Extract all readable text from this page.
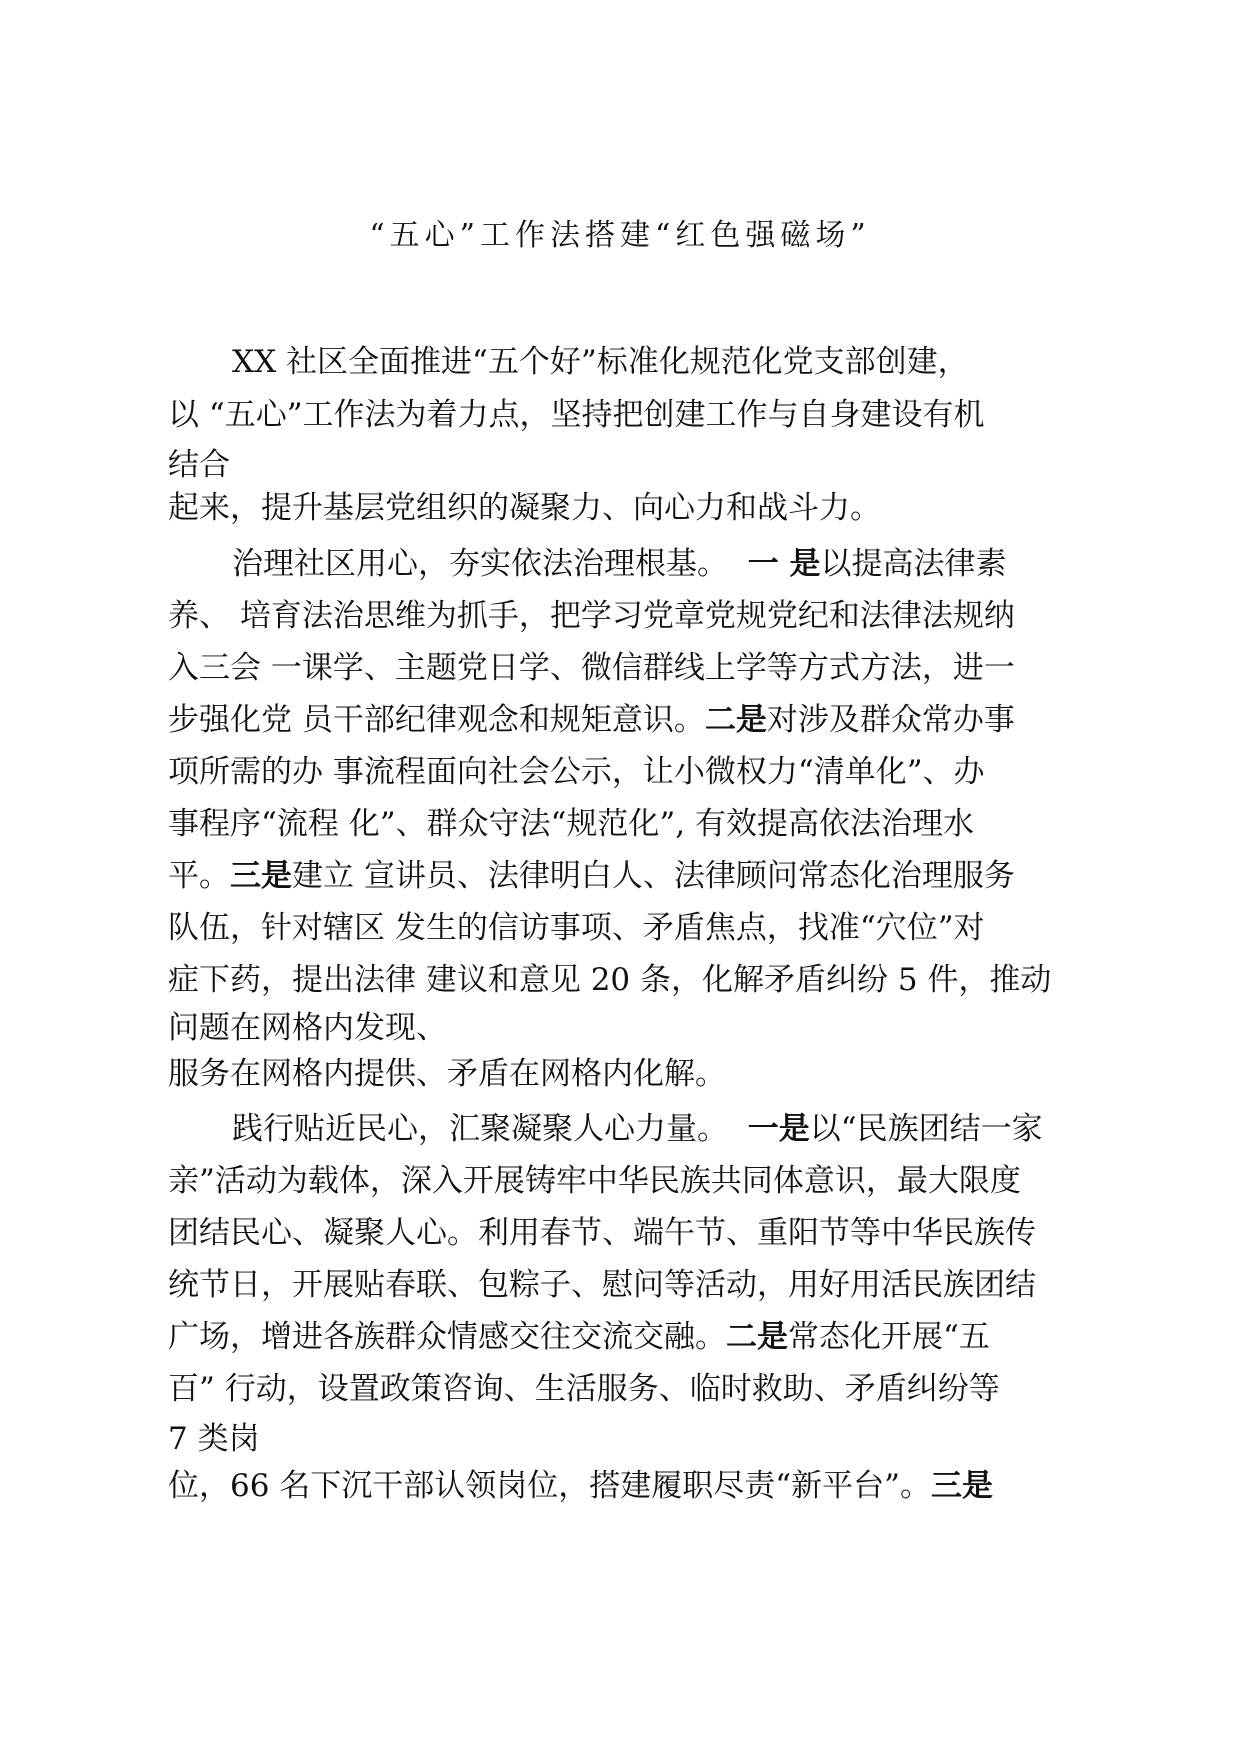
“五心”工作法搭建“红色强磁场”
XX 社区全面推进“五个好”标准化规范化党支部创建，
以 “五心”工作法为着力点，坚持把创建工作与自身建设有机
结合
起来，提升基层党组织的凝聚力、向心力和战斗力。
治理社区用心，夯实依法治理根基。 一 是以提高法律素
养、 培育法治思维为抓手，把学习党章党规党纪和法律法规纳
入三会 一课学、主题党日学、微信群线上学等方式方法，进一
步强化党 员干部纪律观念和规矩意识。二是对涉及群众常办事
项所需的办 事流程面向社会公示，让小微权力“清单化”、办
事程序“流程 化”、群众守法“规范化”, 有效提高依法治理水
平。三是建立 宣讲员、法律明白人、法律顾问常态化治理服务
队伍，针对辖区 发生的信访事项、矛盾焦点，找准“穴位”对
症下药，提出法律 建议和意见 20 条，化解矛盾纠纷 5 件，推动
问题在网格内发现、
服务在网格内提供、矛盾在网格内化解。
践行贴近民心，汇聚凝聚人心力量。 一是以“民族团结一家
亲”活动为载体，深入开展铸牢中华民族共同体意识，最大限度
团结民心、凝聚人心。利用春节、端午节、重阳节等中华民族传
统节日，开展贴春联、包粽子、慰问等活动，用好用活民族团结
广场，增进各族群众情感交往交流交融。二是常态化开展“五
百” 行动，设置政策咨询、生活服务、临时救助、矛盾纠纷等
7 类岗
位，66 名下沉干部认领岗位，搭建履职尽责“新平台”。三是
